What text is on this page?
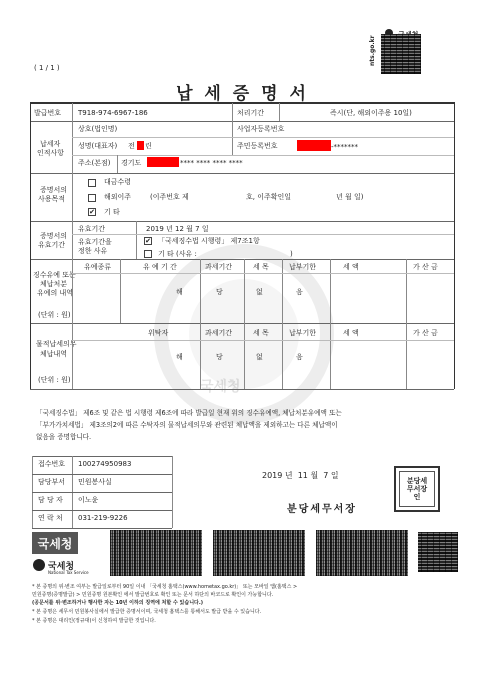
nts.go.kr
( 1 / 1 )
납 세 증 명 서
국세청
발급번호 T918-974-6967-186	처리기간	즉시(단, 해외이주용 10일)
납세자
인적사항
상호(법인명)	사업자등록번호
성명(대표자) 전 린	주민등록번호	-*******
주소(본점) 경기도	**** **** **** ****
증명서의
사용목적
대금수령
해외이주	(이주번호 제	호, 이주확인일	년 월 일)
✔ 기 타
증명서의
유효기간
유효기간	2019 년 12 월 7 일
유효기간을
정한 사유
✔ 「국세징수법 시행령」 제7조1항
기 타 (사유 :	)
징수유예 또는
체납처분
유예의 내역
(단위 : 원)
유예종류	유 예 기 간	과세기간	세 목	납부기한	세 액	가 산 금
해	당	없	음
물적납세의무
체납내역
(단위 : 원)
위탁자	과세기간	세 목	납부기한	세 액	가 산 금
해	당	없	음
「국세징수법」 제6조 및 같은 법 시행령 제6조에 따라 발급일 현재 위의 징수유예액, 체납처분유예액 또는
「부가가치세법」 제3조의2에 따른 수탁자의 물적납세의무와 관련된 체납액을 제외하고는 다른 체납액이
없음을 증명합니다.
접수번호 100274950983
담당부서 민원봉사실
담 당 자 이노윤
연 락 처 031-219-9226
2019 년  11 월  7 일
분당세무서장
분당세무서장인
국세청
국세청
National Tax Service
* 본 증명의 위·변조 여부는 발급일로부터 90일 이내 「국세청 홈택스(www.hometax.go.kr)」 또는 모바일 앱(홈택스 >
민원증명(증명발급) > 민원증명 원본확인 에서 발급번호로 확인 또는 문서 하단의 바코드로 확인이 가능합니다.
(공문서를 위·변조하거나 행사한 자는 10년 이하의 징역에 처할 수 있습니다.)
* 본 증명은 세무서 민원봉사실에서 발급한 증명서이며, 국세청 홈택스를 통해서도 발급 받을 수 있습니다.
* 본 증명은 대리인(정규대)이 신청하여 발급한 것입니다.
